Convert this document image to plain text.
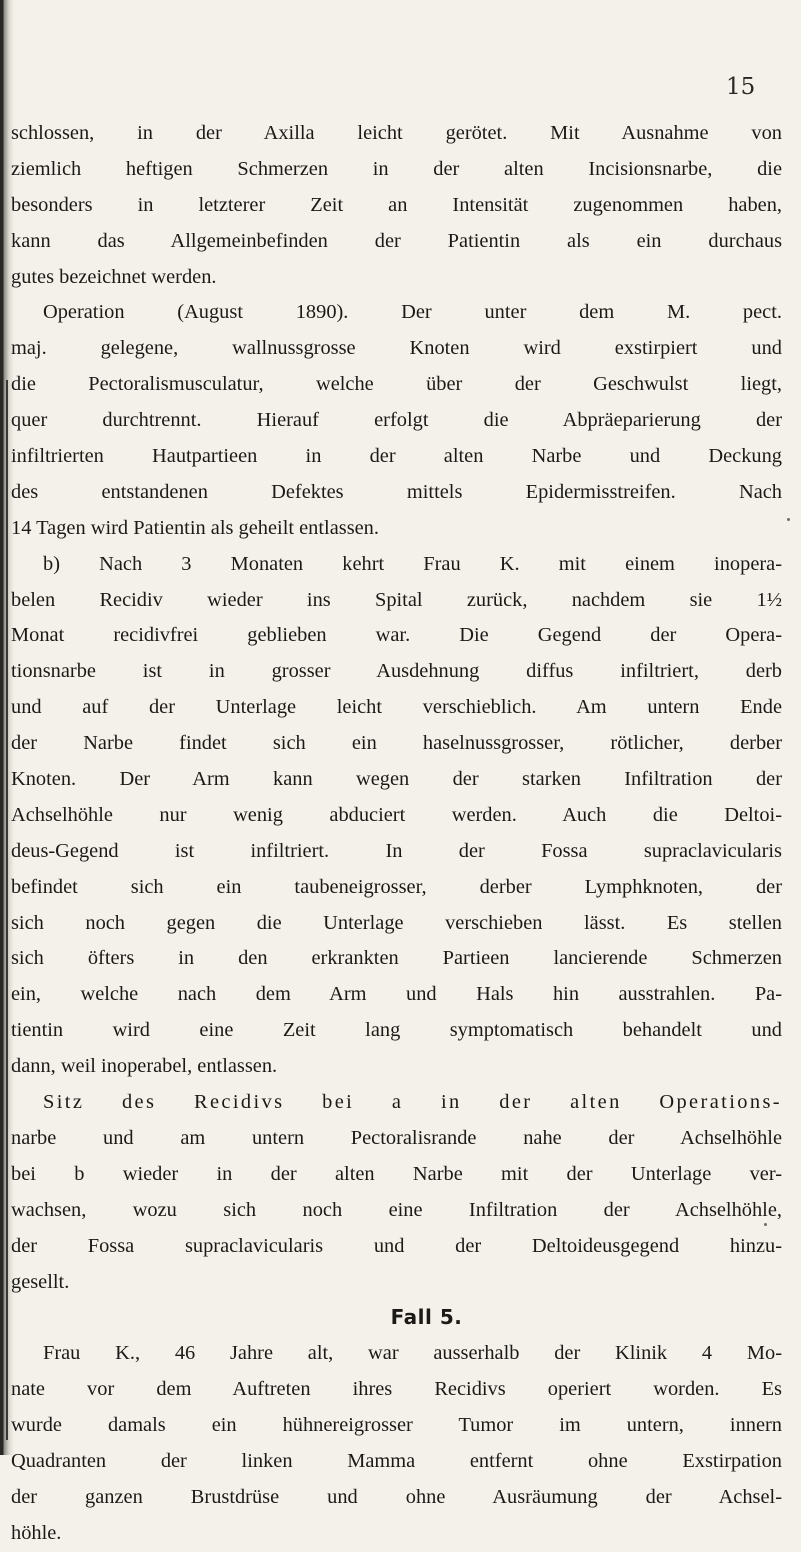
15
schlossen, in der Axilla leicht gerötet. Mit Ausnahme von
ziemlich heftigen Schmerzen in der alten Incisionsnarbe, die
besonders in letzterer Zeit an Intensität zugenommen haben,
kann das Allgemeinbefinden der Patientin als ein durchaus
gutes bezeichnet werden.
Operation (August 1890). Der unter dem M. pect.
maj. gelegene, wallnussgrosse Knoten wird exstirpiert und
die Pectoralismusculatur, welche über der Geschwulst liegt,
quer durchtrennt. Hierauf erfolgt die Abpräeparierung der
infiltrierten Hautpartieen in der alten Narbe und Deckung
des entstandenen Defektes mittels Epidermisstreifen. Nach
14 Tagen wird Patientin als geheilt entlassen.
b) Nach 3 Monaten kehrt Frau K. mit einem inopera-
belen Recidiv wieder ins Spital zurück, nachdem sie 1½
Monat recidivfrei geblieben war. Die Gegend der Opera-
tionsnarbe ist in grosser Ausdehnung diffus infiltriert, derb
und auf der Unterlage leicht verschieblich. Am untern Ende
der Narbe findet sich ein haselnussgrosser, rötlicher, derber
Knoten. Der Arm kann wegen der starken Infiltration der
Achselhöhle nur wenig abduciert werden. Auch die Deltoi-
deus-Gegend ist infiltriert. In der Fossa supraclavicularis
befindet sich ein taubeneigrosser, derber Lymphknoten, der
sich noch gegen die Unterlage verschieben lässt. Es stellen
sich öfters in den erkrankten Partieen lancierende Schmerzen
ein, welche nach dem Arm und Hals hin ausstrahlen. Pa-
tientin wird eine Zeit lang symptomatisch behandelt und
dann, weil inoperabel, entlassen.
Sitz des Recidivs bei a in der alten Operations-
narbe und am untern Pectoralisrande nahe der Achselhöhle
bei b wieder in der alten Narbe mit der Unterlage ver-
wachsen, wozu sich noch eine Infiltration der Achselhöhle,
der Fossa supraclavicularis und der Deltoideusgegend hinzu-
gesellt.
Fall 5.
Frau K., 46 Jahre alt, war ausserhalb der Klinik 4 Mo-
nate vor dem Auftreten ihres Recidivs operiert worden. Es
wurde damals ein hühnereigrosser Tumor im untern, innern
Quadranten der linken Mamma entfernt ohne Exstirpation
der ganzen Brustdrüse und ohne Ausräumung der Achsel-
höhle.
